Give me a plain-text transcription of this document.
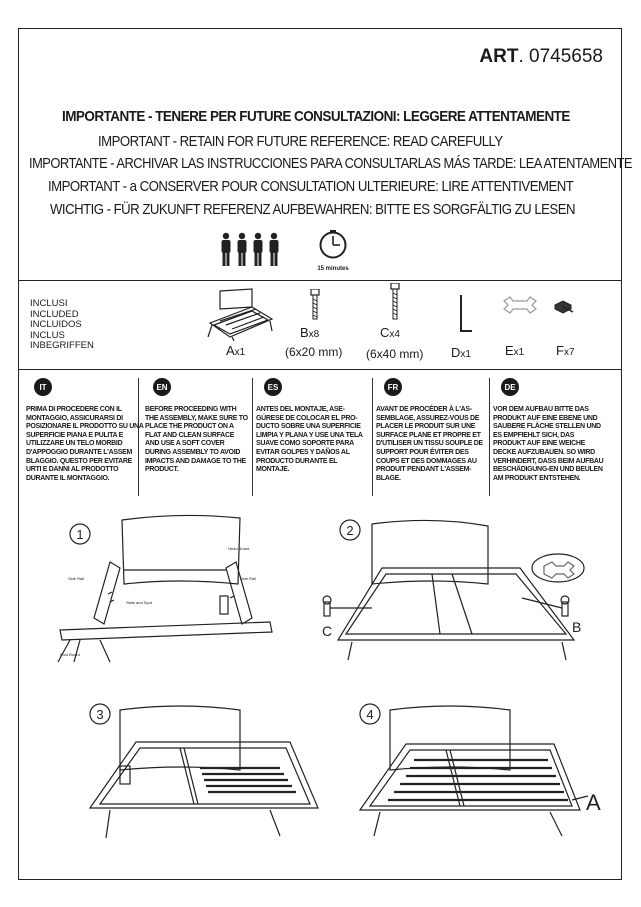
ART. 0745658
IMPORTANTE - TENERE PER FUTURE CONSULTAZIONI: LEGGERE ATTENTAMENTE
IMPORTANT - RETAIN FOR FUTURE REFERENCE: READ CAREFULLY
IMPORTANTE - ARCHIVAR LAS INSTRUCCIONES PARA CONSULTARLAS MÁS TARDE: LEA ATENTAMENTE
IMPORTANT - a CONSERVER POUR CONSULTATION ULTERIEURE: LIRE ATTENTIVEMENT
WICHTIG - FÜR ZUKUNFT REFERENZ AUFBEWAHREN: BITTE ES SORGFÄLTIG ZU LESEN
15 minutes
INCLUSI
INCLUDED
INCLUIDOS
INCLUS
INBEGRIFFEN	Ax1
Bx8
(6x20 mm)
Cx4
(6x40 mm) Dx1	Ex1 Fx7
IT
PRIMA DI PROCEDERE CON IL MONTAGGIO, ASSICURARSI DI POSIZIONARE IL PRODOTTO SU UNA SUPERFICIE PIANA E PULITA E UTILIZZARE UN TELO MORBID D'APPOGGIO DURANTE L'ASSEM BLAGGIO. QUESTO PER EVITARE URTI E DANNI AL PRODOTTO DURANTE IL MONTAGGIO.
EN
BEFORE PROCEEDING WITH THE ASSEMBLY, MAKE SURE TO PLACE THE PRODUCT ON A FLAT AND CLEAN SURFACE AND USE A SOFT COVER DURING ASSEMBLY TO AVOID IMPACTS AND DAMAGE TO THE PRODUCT.
ES
ANTES DEL MONTAJE, ASE-GÚRESE DE COLOCAR EL PRO-DUCTO SOBRE UNA SUPERFICIE LIMPIA Y PLANA Y USE UNA TELA SUAVE COMO SOPORTE PARA EVITAR GOLPES Y DAÑOS AL PRODUCTO DURANTE EL MONTAJE.
FR
AVANT DE PROCÉDER À L'AS-SEMBLAGE, ASSUREZ-VOUS DE PLACER LE PRODUIT SUR UNE SURFACE PLANE ET PROPRE ET D'UTILISER UN TISSU SOUPLE DE SUPPORT POUR ÉVITER DES COUPS ET DES DOMMAGES AU PRODUIT PENDANT L'ASSEM-BLAGE.
DE
VOR DEM AUFBAU BITTE DAS PRODUKT AUF EINE EBENE UND SAUBERE FLÄCHE STELLEN UND ES EMPFIEHLT SICH, DAS PRODUKT AUF EINE WEICHE DECKE AUFZUBAUEN. SO WIRD VERHINDERT, DASS BEIM AUFBAU BESCHÄDIGUNG-EN UND BEULEN AM PRODUKT ENTSTEHEN.
1
Head Board
Side Rail	Side Rail
Slats and Spot
Foot Board
2
C	B
3	4
A
